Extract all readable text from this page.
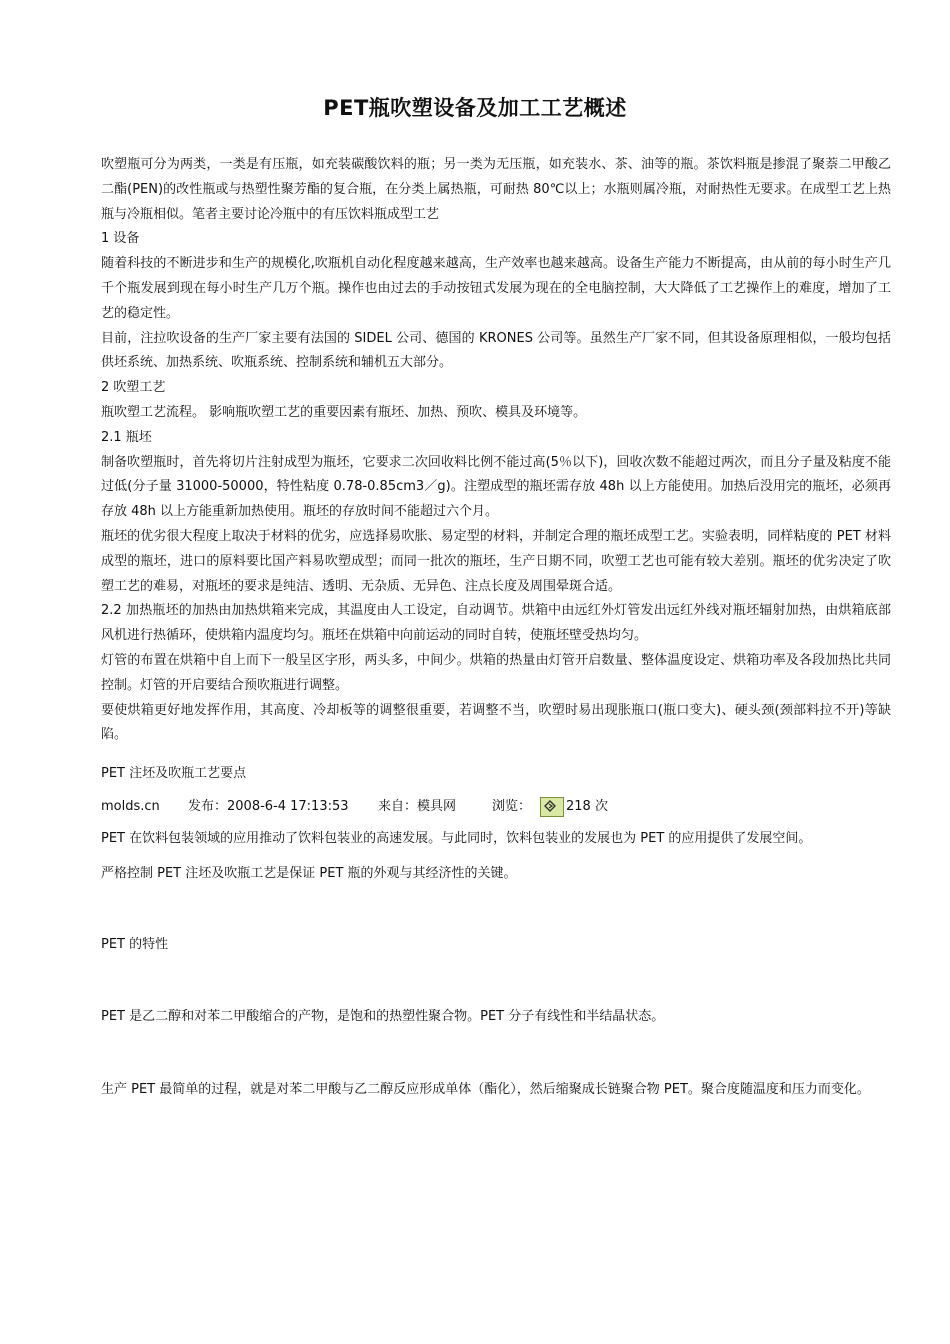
PET瓶吹塑设备及加工工艺概述

吹塑瓶可分为两类，一类是有压瓶，如充装碳酸饮料的瓶；另一类为无压瓶，如充装水、茶、油等的瓶。茶饮料瓶是掺混了聚萘二甲酸乙二酯(PEN)的改性瓶或与热塑性聚芳酯的复合瓶，在分类上属热瓶，可耐热 80℃以上；水瓶则属冷瓶，对耐热性无要求。在成型工艺上热瓶与冷瓶相似。笔者主要讨论冷瓶中的有压饮料瓶成型工艺

1 设备

随着科技的不断进步和生产的规模化,吹瓶机自动化程度越来越高，生产效率也越来越高。设备生产能力不断提高，由从前的每小时生产几千个瓶发展到现在每小时生产几万个瓶。操作也由过去的手动按钮式发展为现在的全电脑控制，大大降低了工艺操作上的难度，增加了工艺的稳定性。

目前，注拉吹设备的生产厂家主要有法国的 SIDEL 公司、德国的 KRONES 公司等。虽然生产厂家不同，但其设备原理相似，一般均包括供坯系统、加热系统、吹瓶系统、控制系统和辅机五大部分。

2 吹塑工艺

瓶吹塑工艺流程。 影响瓶吹塑工艺的重要因素有瓶坯、加热、预吹、模具及环境等。

2.1 瓶坯

制备吹塑瓶时，首先将切片注射成型为瓶坯，它要求二次回收料比例不能过高(5％以下)，回收次数不能超过两次，而且分子量及粘度不能过低(分子量 31000-50000，特性粘度 0.78-0.85cm3／g)。注塑成型的瓶坯需存放 48h 以上方能使用。加热后没用完的瓶坯，必须再存放 48h 以上方能重新加热使用。瓶坯的存放时间不能超过六个月。

瓶坯的优劣很大程度上取决于材料的优劣，应选择易吹胀、易定型的材料，并制定合理的瓶坯成型工艺。实验表明，同样粘度的 PET 材料成型的瓶坯，进口的原料要比国产料易吹塑成型；而同一批次的瓶坯，生产日期不同，吹塑工艺也可能有较大差别。瓶坯的优劣决定了吹塑工艺的难易，对瓶坯的要求是纯洁、透明、无杂质、无异色、注点长度及周围晕斑合适。

2.2 加热瓶坯的加热由加热烘箱来完成，其温度由人工设定，自动调节。烘箱中由远红外灯管发出远红外线对瓶坯辐射加热，由烘箱底部风机进行热循环，使烘箱内温度均匀。瓶坯在烘箱中向前运动的同时自转，使瓶坯壁受热均匀。

灯管的布置在烘箱中自上而下一般呈区字形，两头多，中间少。烘箱的热量由灯管开启数量、整体温度设定、烘箱功率及各段加热比共同控制。灯管的开启要结合预吹瓶进行调整。

要使烘箱更好地发挥作用，其高度、冷却板等的调整很重要，若调整不当，吹塑时易出现胀瓶口(瓶口变大)、硬头颈(颈部料拉不开)等缺陷。

PET 注坯及吹瓶工艺要点

molds.cn	发布：2008-6-4 17:13:53	来自：模具网	浏览：	218 次

PET 在饮料包装领域的应用推动了饮料包装业的高速发展。与此同时，饮料包装业的发展也为 PET 的应用提供了发展空间。

严格控制 PET 注坯及吹瓶工艺是保证 PET 瓶的外观与其经济性的关键。

PET 的特性

PET 是乙二醇和对苯二甲酸缩合的产物，是饱和的热塑性聚合物。PET 分子有线性和半结晶状态。

生产 PET 最简单的过程，就是对苯二甲酸与乙二醇反应形成单体（酯化），然后缩聚成长链聚合物 PET。聚合度随温度和压力而变化。
